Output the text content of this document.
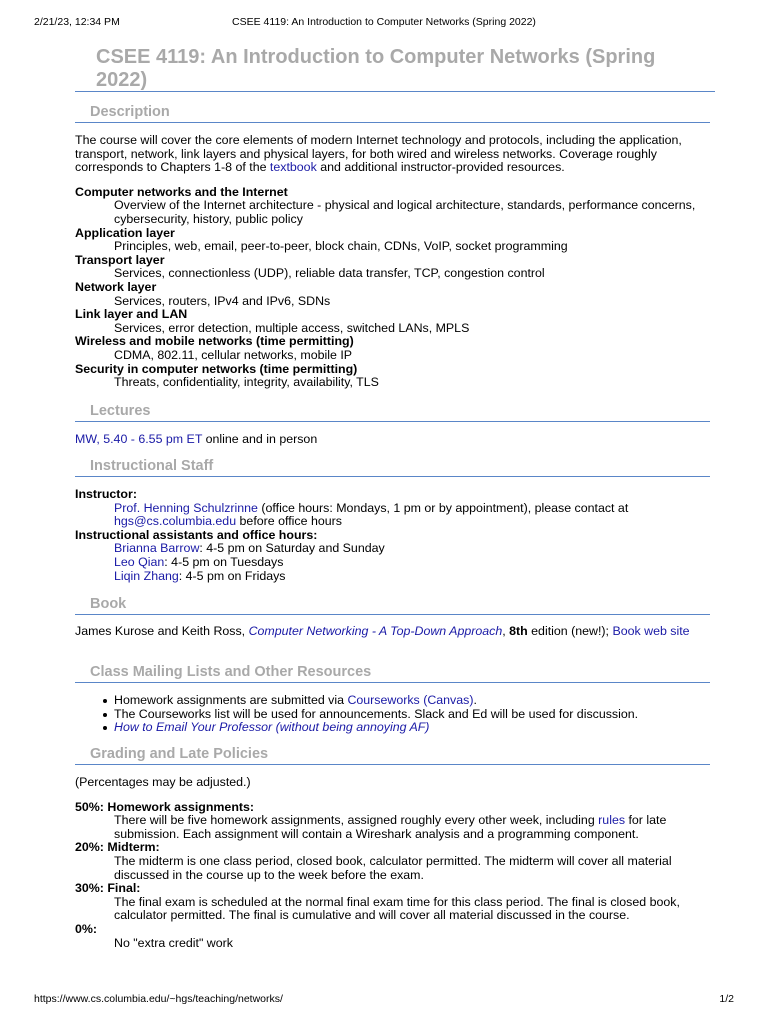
2/21/23, 12:34 PM	CSEE 4119: An Introduction to Computer Networks (Spring 2022)
CSEE 4119: An Introduction to Computer Networks (Spring 2022)
Description

The course will cover the core elements of modern Internet technology and protocols, including the application, transport, network, link layers and physical layers, for both wired and wireless networks. Coverage roughly corresponds to Chapters 1-8 of the textbook and additional instructor-provided resources.

Computer networks and the Internet
Overview of the Internet architecture - physical and logical architecture, standards, performance concerns, cybersecurity, history, public policy
Application layer
Principles, web, email, peer-to-peer, block chain, CDNs, VoIP, socket programming
Transport layer
Services, connectionless (UDP), reliable data transfer, TCP, congestion control
Network layer
Services, routers, IPv4 and IPv6, SDNs
Link layer and LAN
Services, error detection, multiple access, switched LANs, MPLS
Wireless and mobile networks (time permitting)
CDMA, 802.11, cellular networks, mobile IP
Security in computer networks (time permitting)
Threats, confidentiality, integrity, availability, TLS
Lectures

MW, 5.40 - 6.55 pm ET online and in person

Instructional Staff
Instructor:
Prof. Henning Schulzrinne (office hours: Mondays, 1 pm or by appointment), please contact at
hgs@cs.columbia.edu before office hours
Instructional assistants and office hours:
Brianna Barrow: 4-5 pm on Saturday and Sunday
Leo Qian: 4-5 pm on Tuesdays
Liqin Zhang: 4-5 pm on Fridays
Book

James Kurose and Keith Ross, Computer Networking - A Top-Down Approach, 8th edition (new!); Book web site

Class Mailing Lists and Other Resources
Homework assignments are submitted via Courseworks (Canvas).
The Courseworks list will be used for announcements. Slack and Ed will be used for discussion.
How to Email Your Professor (without being annoying AF)
Grading and Late Policies

(Percentages may be adjusted.)

50%: Homework assignments:
There will be five homework assignments, assigned roughly every other week, including rules for late submission. Each assignment will contain a Wireshark analysis and a programming component.
20%: Midterm:
The midterm is one class period, closed book, calculator permitted. The midterm will cover all material discussed in the course up to the week before the exam.
30%: Final:
The final exam is scheduled at the normal final exam time for this class period. The final is closed book, calculator permitted. The final is cumulative and will cover all material discussed in the course.
0%:
No "extra credit" work
https://www.cs.columbia.edu/~hgs/teaching/networks/	1/2
